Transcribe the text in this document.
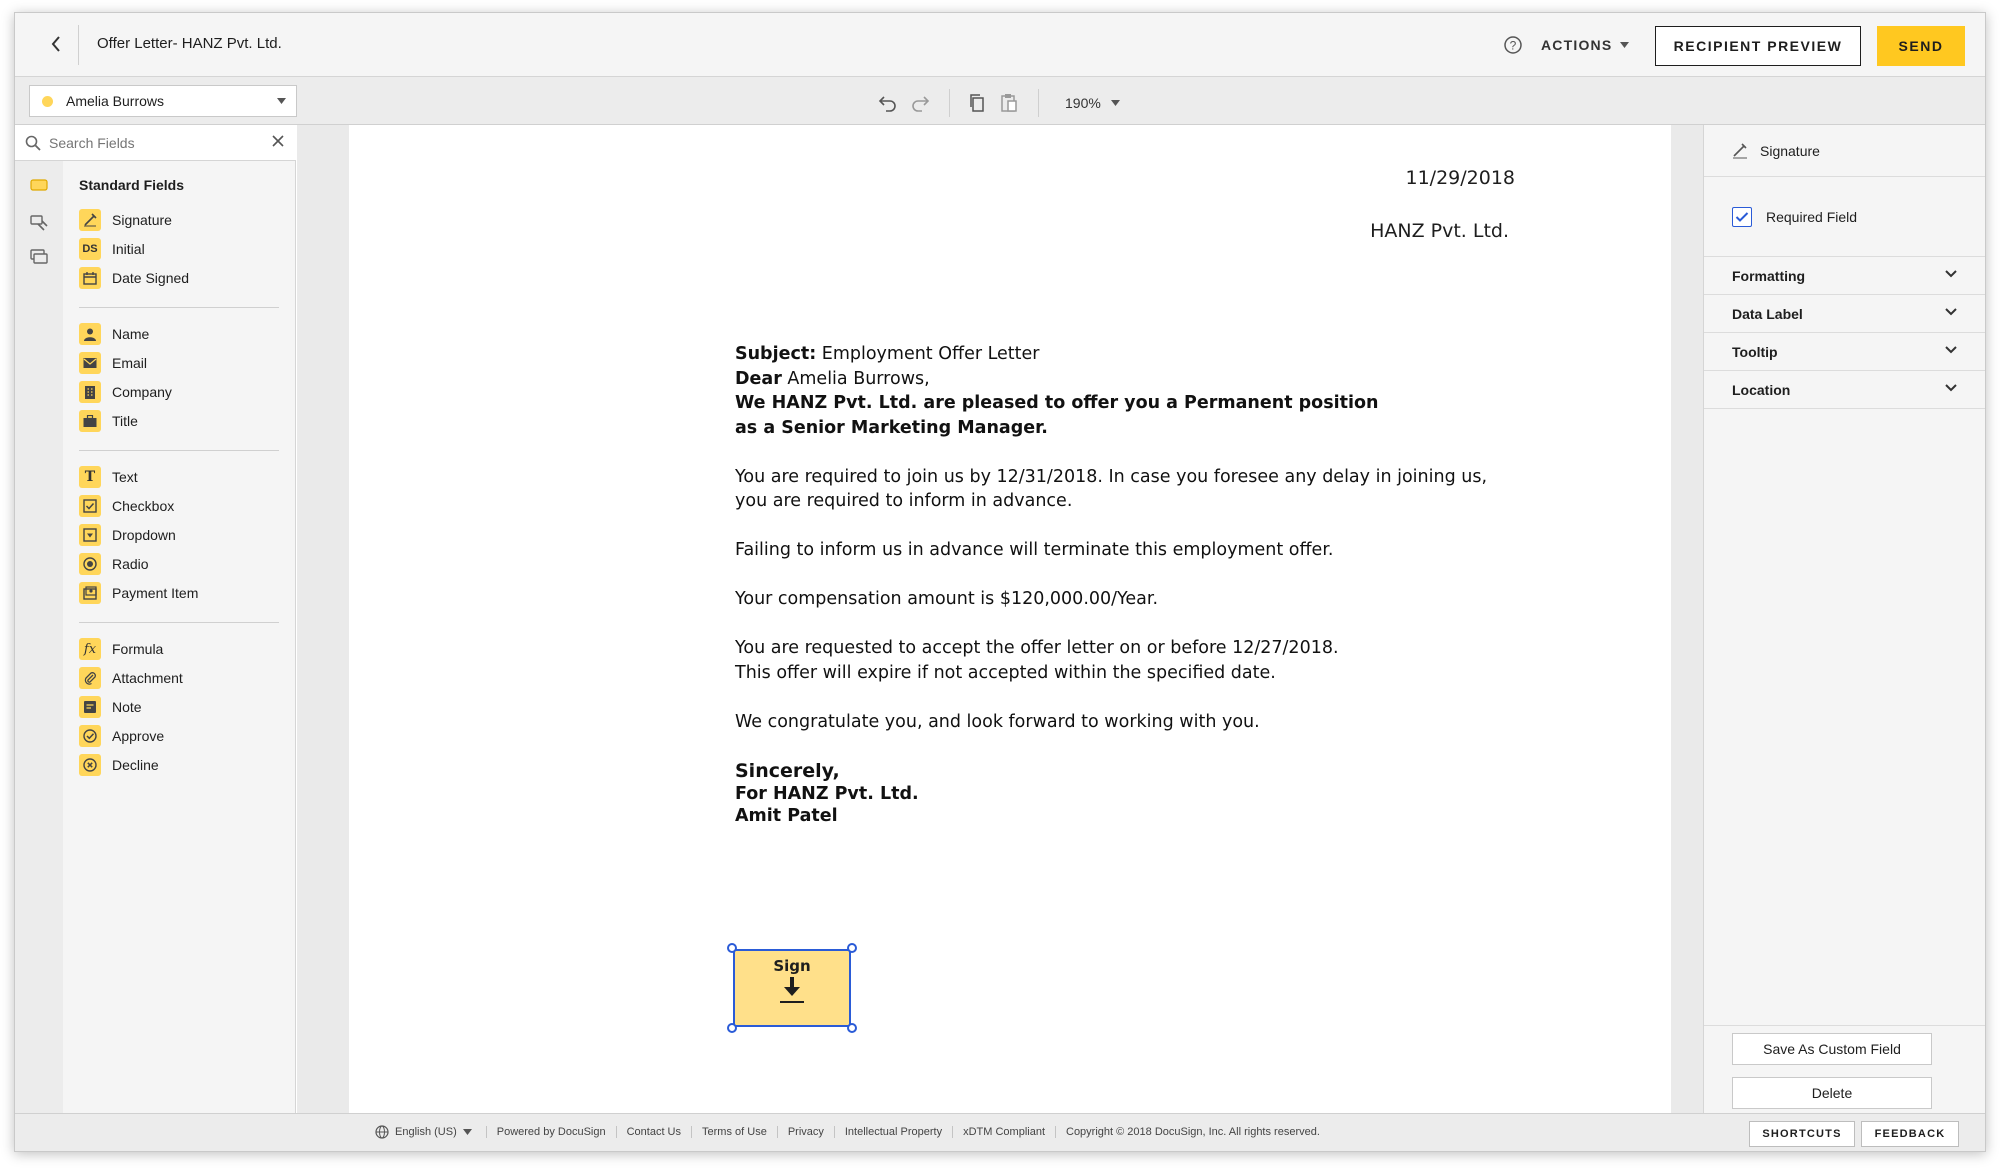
Offer Letter- HANZ Pvt. Ltd.	? ACTIONS	RECIPIENT PREVIEW	SEND
Amelia Burrows	190%
Search Fields
Standard Fields
Signature
DS Initial
Date Signed
Name
Email
Company
Title
T	Text
Checkbox
Dropdown
Radio
Payment Item
fx	Formula
Attachment
Note
Approve
Decline
11/29/2018
HANZ Pvt. Ltd.
Subject: Employment Offer Letter
Dear Amelia Burrows,
We HANZ Pvt. Ltd. are pleased to offer you a Permanent position
as a Senior Marketing Manager.
You are required to join us by 12/31/2018. In case you foresee any delay in joining us,
you are required to inform in advance.
Failing to inform us in advance will terminate this employment offer.
Your compensation amount is $120,000.00/Year.
You are requested to accept the offer letter on or before 12/27/2018.
This offer will expire if not accepted within the specified date.
We congratulate you, and look forward to working with you.
Sincerely,
For HANZ Pvt. Ltd.
Amit Patel
Sign
Signature
Required Field
Formatting
Data Label
Tooltip
Location
Save As Custom Field
Delete
English (US)	Powered by DocuSign	Contact Us	Terms of Use	Privacy	Intellectual Property	xDTM Compliant	Copyright © 2018 DocuSign, Inc. All rights reserved.	SHORTCUTS	FEEDBACK
